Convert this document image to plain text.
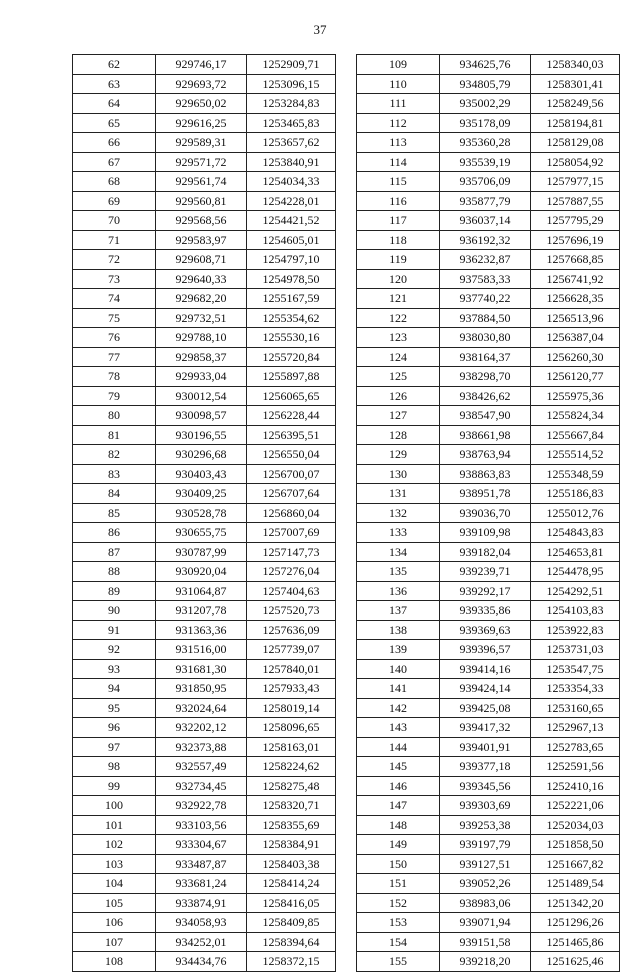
37
62	929746,17	1252909,71
63	929693,72	1253096,15
64	929650,02	1253284,83
65	929616,25	1253465,83
66	929589,31	1253657,62
67	929571,72	1253840,91
68	929561,74	1254034,33
69	929560,81	1254228,01
70	929568,56	1254421,52
71	929583,97	1254605,01
72	929608,71	1254797,10
73	929640,33	1254978,50
74	929682,20	1255167,59
75	929732,51	1255354,62
76	929788,10	1255530,16
77	929858,37	1255720,84
78	929933,04	1255897,88
79	930012,54	1256065,65
80	930098,57	1256228,44
81	930196,55	1256395,51
82	930296,68	1256550,04
83	930403,43	1256700,07
84	930409,25	1256707,64
85	930528,78	1256860,04
86	930655,75	1257007,69
87	930787,99	1257147,73
88	930920,04	1257276,04
89	931064,87	1257404,63
90	931207,78	1257520,73
91	931363,36	1257636,09
92	931516,00	1257739,07
93	931681,30	1257840,01
94	931850,95	1257933,43
95	932024,64	1258019,14
96	932202,12	1258096,65
97	932373,88	1258163,01
98	932557,49	1258224,62
99	932734,45	1258275,48
100	932922,78	1258320,71
101	933103,56	1258355,69
102	933304,67	1258384,91
103	933487,87	1258403,38
104	933681,24	1258414,24
105	933874,91	1258416,05
106	934058,93	1258409,85
107	934252,01	1258394,64
108	934434,76	1258372,15
109	934625,76	1258340,03
110	934805,79	1258301,41
111	935002,29	1258249,56
112	935178,09	1258194,81
113	935360,28	1258129,08
114	935539,19	1258054,92
115	935706,09	1257977,15
116	935877,79	1257887,55
117	936037,14	1257795,29
118	936192,32	1257696,19
119	936232,87	1257668,85
120	937583,33	1256741,92
121	937740,22	1256628,35
122	937884,50	1256513,96
123	938030,80	1256387,04
124	938164,37	1256260,30
125	938298,70	1256120,77
126	938426,62	1255975,36
127	938547,90	1255824,34
128	938661,98	1255667,84
129	938763,94	1255514,52
130	938863,83	1255348,59
131	938951,78	1255186,83
132	939036,70	1255012,76
133	939109,98	1254843,83
134	939182,04	1254653,81
135	939239,71	1254478,95
136	939292,17	1254292,51
137	939335,86	1254103,83
138	939369,63	1253922,83
139	939396,57	1253731,03
140	939414,16	1253547,75
141	939424,14	1253354,33
142	939425,08	1253160,65
143	939417,32	1252967,13
144	939401,91	1252783,65
145	939377,18	1252591,56
146	939345,56	1252410,16
147	939303,69	1252221,06
148	939253,38	1252034,03
149	939197,79	1251858,50
150	939127,51	1251667,82
151	939052,26	1251489,54
152	938983,06	1251342,20
153	939071,94	1251296,26
154	939151,58	1251465,86
155	939218,20	1251625,46
